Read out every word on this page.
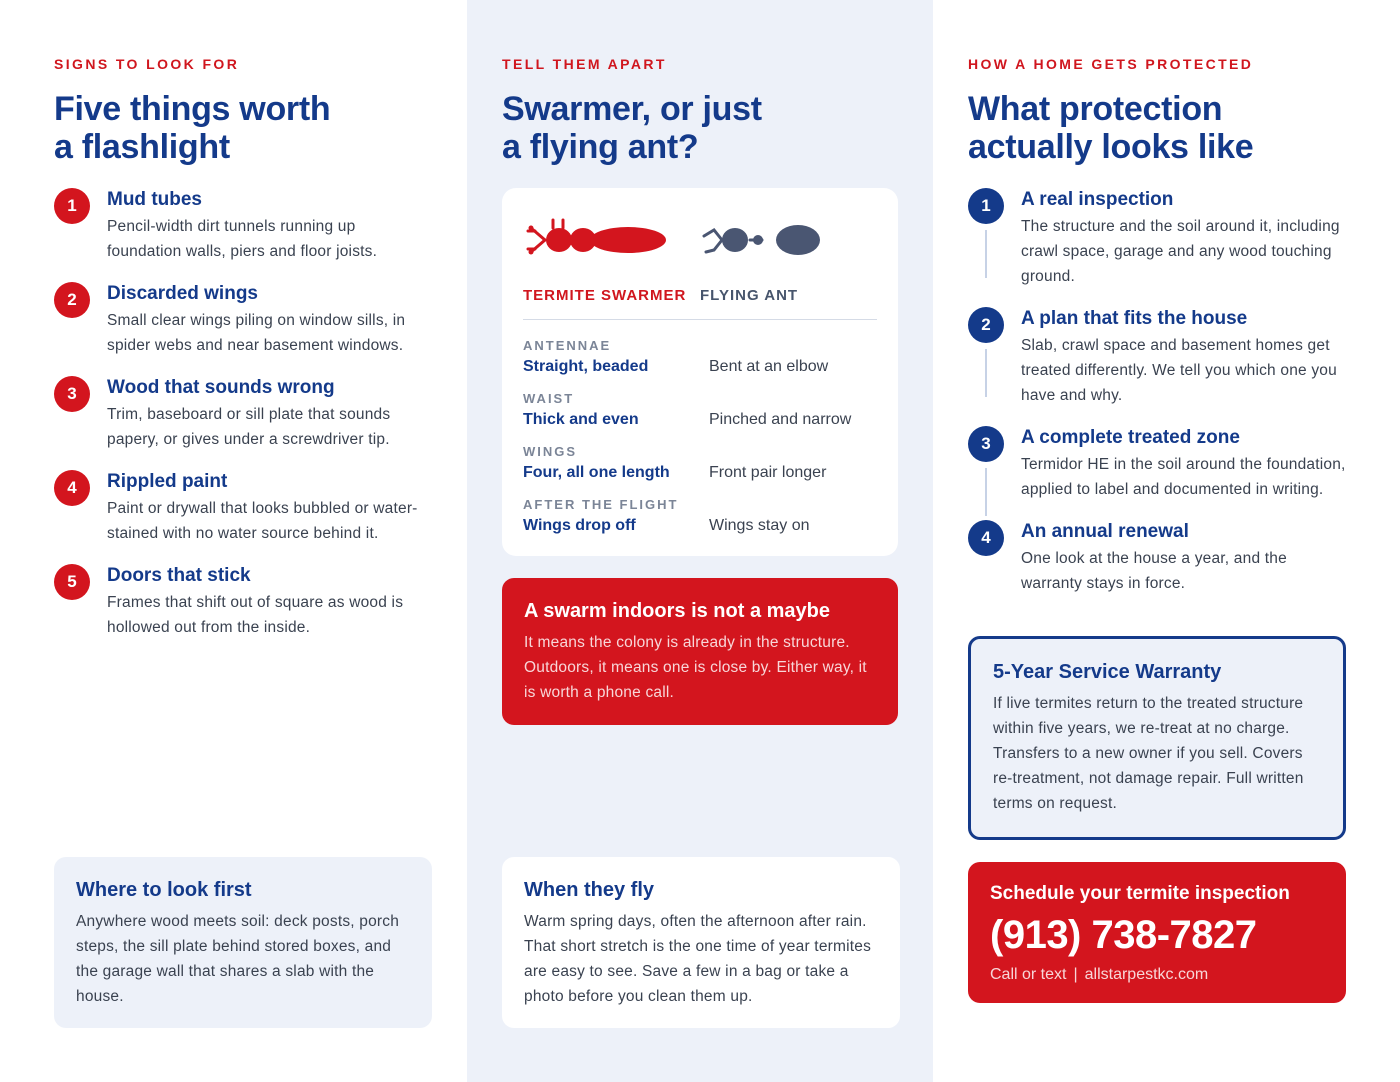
SIGNS TO LOOK FOR
Five things worth
a flashlight
1	Mud tubes
Pencil-width dirt tunnels running up foundation walls, piers and floor joists.
2	Discarded wings
Small clear wings piling on window sills, in spider webs and near basement windows.
3	Wood that sounds wrong
Trim, baseboard or sill plate that sounds papery, or gives under a screwdriver tip.
4	Rippled paint
Paint or drywall that looks bubbled or water-stained with no water source behind it.
5	Doors that stick
Frames that shift out of square as wood is hollowed out from the inside.
Where to look first
Anywhere wood meets soil: deck posts, porch steps, the sill plate behind stored boxes, and the garage wall that shares a slab with the house.
TELL THEM APART
Swarmer, or just
a flying ant?
TERMITE SWARMER FLYING ANT
ANTENNAE
Straight, beaded	Bent at an elbow
WAIST
Thick and even	Pinched and narrow
WINGS
Four, all one length	Front pair longer
AFTER THE FLIGHT
Wings drop off	Wings stay on
A swarm indoors is not a maybe
It means the colony is already in the structure. Outdoors, it means one is close by. Either way, it is worth a phone call.
When they fly
Warm spring days, often the afternoon after rain. That short stretch is the one time of year termites are easy to see. Save a few in a bag or take a photo before you clean them up.
HOW A HOME GETS PROTECTED
What protection
actually looks like
1	A real inspection
The structure and the soil around it, including crawl space, garage and any wood touching ground.
2	A plan that fits the house
Slab, crawl space and basement homes get treated differently. We tell you which one you have and why.
3	A complete treated zone
Termidor HE in the soil around the foundation, applied to label and documented in writing.
4	An annual renewal
One look at the house a year, and the warranty stays in force.
5-Year Service Warranty
If live termites return to the treated structure within five years, we re-treat at no charge. Transfers to a new owner if you sell. Covers re-treatment, not damage repair. Full written terms on request.
Schedule your termite inspection
(913) 738-7827
Call or text | allstarpestkc.com
